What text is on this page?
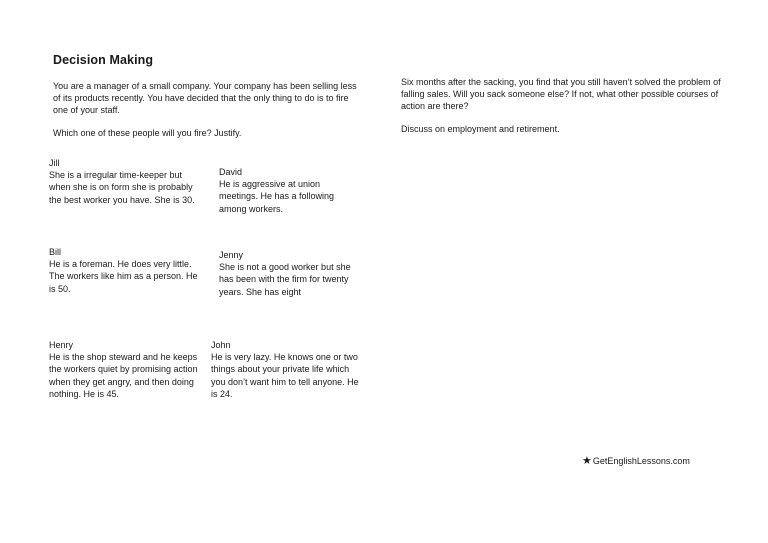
Decision Making

You are a manager of a small company. Your company has been selling less of its products recently. You have decided that the only thing to do is to fire one of your staff.

Which one of these people will you fire? Justify.

Six months after the sacking, you find that you still haven’t solved the problem of falling sales. Will you sack someone else? If not, what other possible courses of action are there?

Discuss on employment and retirement.

Jill
She is a irregular time-keeper but when she is on form she is probably the best worker you have. She is 30.
David
He is aggressive at union meetings. He has a following among workers.
Bill
He is a foreman. He does very little. The workers like him as a person. He is 50.
Jenny
She is not a good worker but she has been with the firm for twenty years. She has eight
Henry
He is the shop steward and he keeps the workers quiet by promising action when they get angry, and then doing nothing. He is 45.
John
He is very lazy. He knows one or two things about your private life which you don’t want him to tell anyone. He is 24.
★GetEnglishLessons.com
